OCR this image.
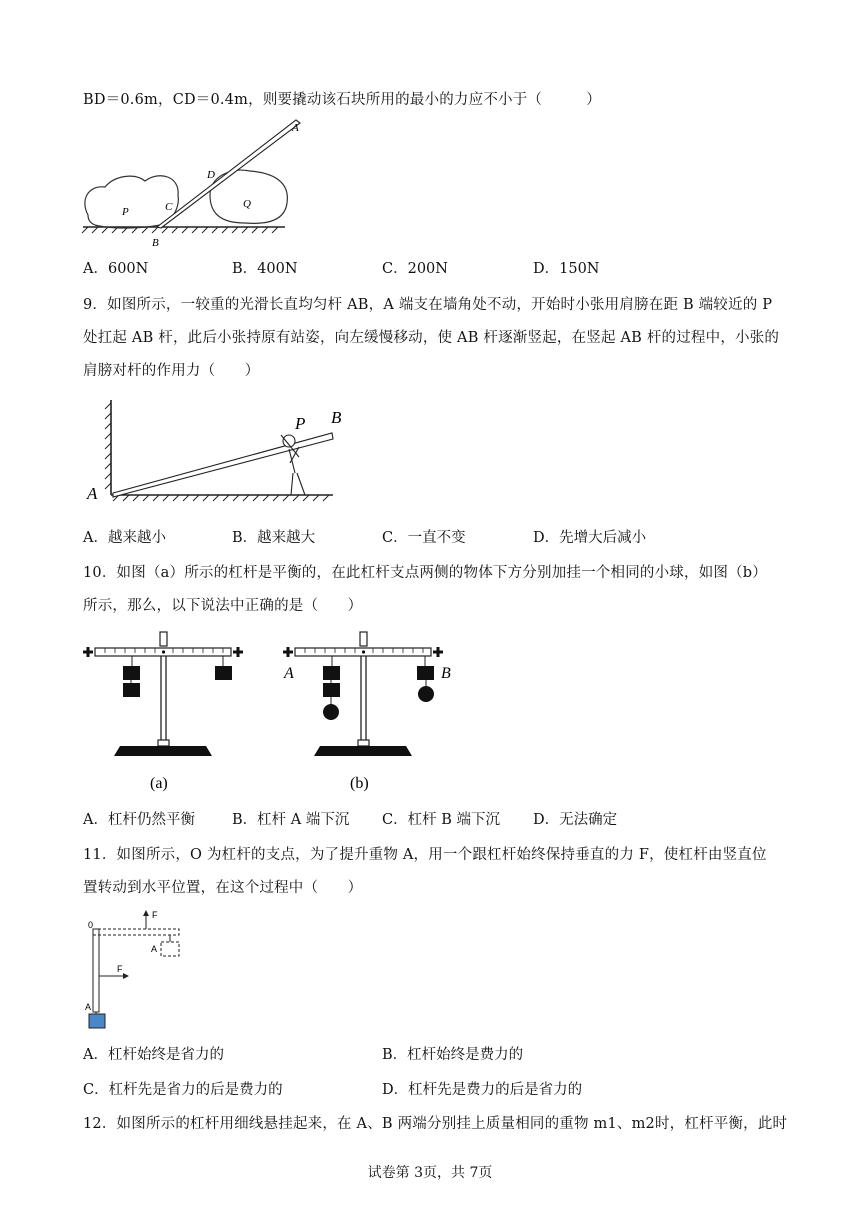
BD＝0.6m，CD＝0.4m，则要撬动该石块所用的最小的力应不小于（　　　）
A
B
C
D
P
Q
A．600N	B．400N	C．200N	D．150N
9．如图所示，一较重的光滑长直均匀杆 AB，A 端支在墙角处不动，开始时小张用肩膀在距 B 端较近的 P
处扛起 AB 杆，此后小张持原有站姿，向左缓慢移动，使 AB 杆逐渐竖起，在竖起 AB 杆的过程中，小张的
肩膀对杆的作用力（　　）
A
B
P
A．越来越小	B．越来越大	C．一直不变	D．先增大后减小
10．如图（a）所示的杠杆是平衡的，在此杠杆支点两侧的物体下方分别加挂一个相同的小球，如图（b）
所示，那么，以下说法中正确的是（　　）
(a)	(b)
A	B
A．杠杆仍然平衡	B．杠杆 A 端下沉 C．杠杆 B 端下沉 D．无法确定
11．如图所示，O 为杠杆的支点，为了提升重物 A，用一个跟杠杆始终保持垂直的力 F，使杠杆由竖直位
置转动到水平位置，在这个过程中（　　）
0
A
F
F
A
A．杠杆始终是省力的	B．杠杆始终是费力的
C．杠杆先是省力的后是费力的	D．杠杆先是费力的后是省力的
12．如图所示的杠杆用细线悬挂起来，在 A、B 两端分别挂上质量相同的重物 m1、m2时，杠杆平衡，此时
试卷第 3页，共 7页
